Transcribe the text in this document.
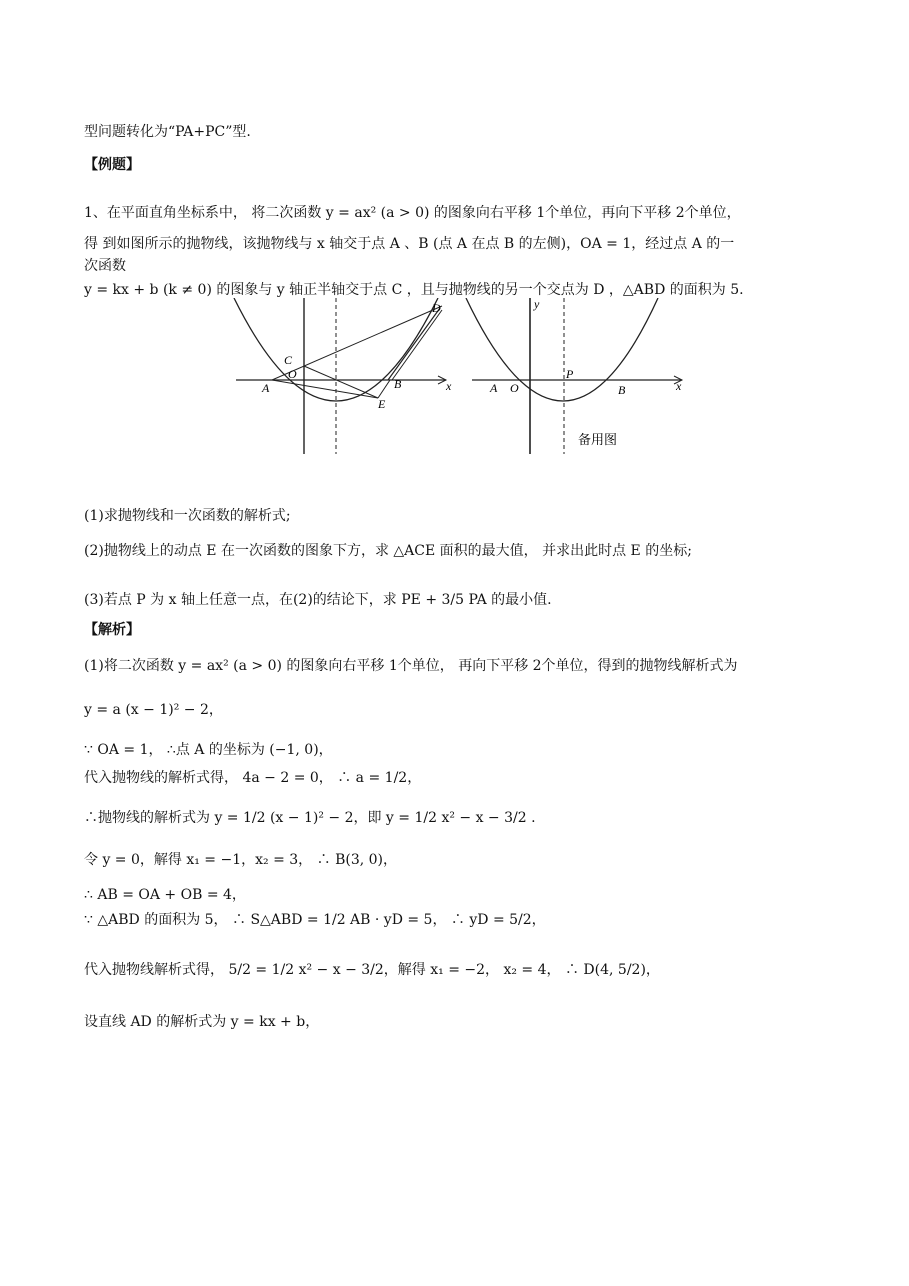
型问题转化为“PA+PC”型.
【例题】
1、在平面直角坐标系中， 将二次函数 y = ax² (a > 0) 的图象向右平移 1个单位，再向下平移 2个单位，
得 到如图所示的抛物线，该抛物线与 x 轴交于点 A 、B (点 A 在点 B 的左侧)，OA = 1，经过点 A 的一
次函数
y = kx + b (k ≠ 0) 的图象与 y 轴正半轴交于点 C ，且与抛物线的另一个交点为 D ，△ABD 的面积为 5.
C
O
A	B
E
D
x	A O
P
B	x
y
备用图
(1)求抛物线和一次函数的解析式;
(2)抛物线上的动点 E 在一次函数的图象下方，求 △ACE 面积的最大值， 并求出此时点 E 的坐标;
(3)若点 P 为 x 轴上任意一点，在(2)的结论下，求 PE + 3/5 PA 的最小值.
【解析】
(1)将二次函数 y = ax² (a > 0) 的图象向右平移 1个单位， 再向下平移 2个单位，得到的抛物线解析式为
y = a (x − 1)² − 2，
∵ OA = 1， ∴点 A 的坐标为 (−1, 0)，
代入抛物线的解析式得， 4a − 2 = 0， ∴ a = 1/2，
∴抛物线的解析式为 y = 1/2 (x − 1)² − 2，即 y = 1/2 x² − x − 3/2 .
令 y = 0，解得 x₁ = −1，x₂ = 3， ∴ B(3, 0)，
∴ AB = OA + OB = 4，
∵ △ABD 的面积为 5， ∴ S△ABD = 1/2 AB · yD = 5， ∴ yD = 5/2，
代入抛物线解析式得， 5/2 = 1/2 x² − x − 3/2，解得 x₁ = −2， x₂ = 4， ∴ D(4, 5/2)，
设直线 AD 的解析式为 y = kx + b，
